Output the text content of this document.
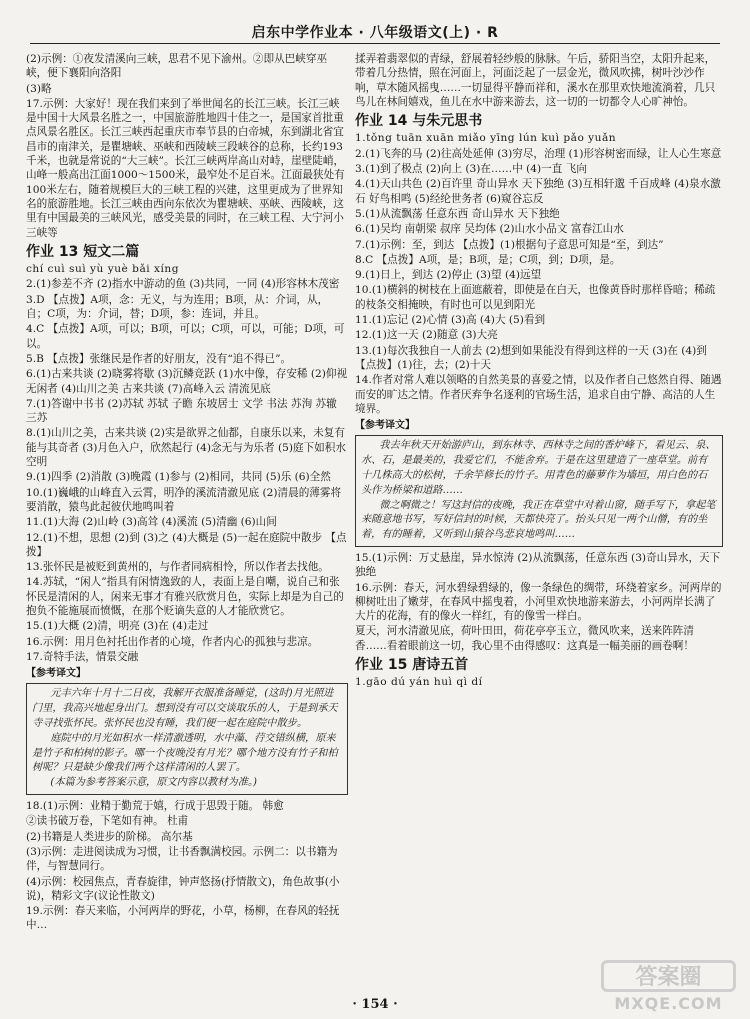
启东中学作业本 · 八年级语文(上) · R

(2)示例：①夜发清溪向三峡，思君不见下渝州。②即从巴峡穿巫峡，便下襄阳向洛阳

(3)略

17.示例：大家好！现在我们来到了举世闻名的长江三峡。长江三峡是中国十大风景名胜之一，中国旅游胜地四十佳之一，是国家首批重点风景名胜区。长江三峡西起重庆市奉节县的白帝城，东到湖北省宜昌市的南津关，是瞿塘峡、巫峡和西陵峡三段峡谷的总称，长约193千米，也就是常说的“大三峡”。长江三峡两岸高山对峙，崖壁陡峭，山峰一般高出江面1000～1500米，最窄处不足百米。江面最狭处有100米左右，随着规模巨大的三峡工程的兴建，这里更成为了世界知名的旅游胜地。长江三峡由西向东依次为瞿塘峡、巫峡、西陵峡，这里有中国最美的三峡风光，感受美景的同时，在三峡工程、大宁河小三峡等

作业 13 短文二篇

chí cuì suì yù yuè bǎi xíng

2.(1)参差不齐 (2)指水中游动的鱼 (3)共同，一同 (4)形容林木茂密

3.D 【点拨】A项，念：无义，与为连用；B项，从：介词，从，自；C项，为：介词，替；D项，参：连词，并且。

4.C 【点拨】A项，可以；B项，可以；C项，可以，可能；D项，可以。

5.B 【点拨】张继民是作者的好朋友，没有“追不得已”。

6.(1)古来共谈 (2)晓雾将歇 (3)沉鳞竞跃 (1)水中像，存安稀 (2)仰视 无闲者 (4)山川之美 古来共谈 (7)高峰入云 清流见底

7.(1)答谢中书书 (2)苏轼 苏轼 子瞻 东坡居士 文学 书法 苏洵 苏辙 三苏

8.(1)山川之美，古来共谈 (2)实是欲界之仙都，自康乐以来，未复有能与其奇者 (3)月色入户，欣然起行 (4)念无与为乐者 (5)庭下如积水空明

9.(1)四季 (2)消散 (3)晚霞 (1)参与 (2)相同，共同 (5)乐 (6)全然

10.(1)巍峨的山峰直入云霄，明净的溪流清澈见底 (2)清晨的薄雾将要消散，猿鸟此起彼伏地鸣叫着

11.(1)大海 (2)山岭 (3)高耸 (4)溪流 (5)清幽 (6)山间

12.(1)不想，思想 (2)到 (3)之 (4)大概是 (5)一起在庭院中散步 【点拨】

13.张怀民是被贬到黄州的，与作者同病相怜，所以作者去找他。

14.苏轼，“闲人”指具有闲情逸致的人，表面上是自嘲，说自己和张怀民是清闲的人，闲来无事才有雅兴欣赏月色，实际上却是为自己的抱负不能施展而愤慨，在那个贬谪失意的人才能欣赏它。

15.(1)大概 (2)清，明亮 (3)在 (4)走过

16.示例：用月色衬托出作者的心境，作者内心的孤独与悲凉。

17.奇特手法，情景交融

【参考译文】

元丰六年十月十二日夜，我解开衣服准备睡觉，(这时)月光照进门里，我高兴地起身出门。想到没有可以交谈取乐的人，于是到承天寺寻找张怀民。张怀民也没有睡，我们便一起在庭院中散步。

庭院中的月光如积水一样清澈透明，水中藻、荇交错纵横，原来是竹子和柏树的影子。哪一个夜晚没有月光？哪个地方没有竹子和柏树呢？只是缺少像我们两个这样清闲的人罢了。

(本篇为参考答案示意，原文内容以教材为准。)

18.(1)示例：业精于勤荒于嬉，行成于思毁于随。 韩愈

②读书破万卷，下笔如有神。 杜甫

(2)书籍是人类进步的阶梯。 高尔基

(3)示例：走进阅读成为习惯，让书香飘满校园。示例二：以书籍为伴，与智慧同行。

(4)示例：校园焦点，青春旋律，钟声悠扬(抒情散文)，角色故事(小说)，精彩文字(议论性散文)

19.示例：春天来临，小河两岸的野花，小草，杨柳，在春风的轻抚中…

揉弄着翡翠似的青绿，舒展着轻纱般的脉脉。午后，骄阳当空，太阳升起来，带着几分热情，照在河面上，河面泛起了一层金光，微风吹拂，树叶沙沙作响，草木随风摇曳……一切显得平静而祥和，溪水在那里欢快地流淌着，几只鸟儿在林间嬉戏，鱼儿在水中游来游去，这一切的一切都令人心旷神怡。

作业 14 与朱元思书

1.tǒng tuān xuān miǎo yīng lún kuì pǎo yuǎn

2.(1)飞奔的马 (2)往高处延伸 (3)穷尽，治理 (1)形容树密而绿，让人心生寒意

3.(1)到了极点 (2)向上 (3)在……中 (4)一直 飞向

4.(1)天山共色 (2)百许里 奇山异水 天下独绝 (3)互相轩邈 千百成峰 (4)泉水激石 好鸟相鸣 (5)经纶世务者 (6)窥谷忘反

5.(1)从流飘荡 任意东西 奇山异水 天下独绝

6.(1)吴均 南朝梁 叔庠 吴均体 (2)山水小品文 富春江山水

7.(1)示例：至，到达 【点拨】(1)根据句子意思可知是“至，到达”

8.C 【点拨】A项，是；B项，是；C项，到；D项，是。

9.(1)日上，到达 (2)停止 (3)望 (4)远望

10.(1)横斜的树枝在上面遮蔽着，即使是在白天，也像黄昏时那样昏暗；稀疏的枝条交相掩映，有时也可以见到阳光

11.(1)忘记 (2)心情 (3)高 (4)大 (5)看到

12.(1)这一天 (2)随意 (3)大亮

13.(1)每次我独自一人前去 (2)想到如果能没有得到这样的一天 (3)在 (4)到 【点拨】(1)往，去；(2)十天

14.作者对常人难以领略的自然美景的喜爱之情，以及作者自己悠然自得、随遇而安的旷达之情。作者厌弃争名逐利的官场生活，追求自由宁静、高洁的人生境界。

【参考译文】

我去年秋天开始游庐山，到东林寺、西林寺之间的香炉峰下，看见云、泉、水、石，是最美的，我爱它们，不能舍弃。于是在这里建造了一座草堂。前有十几株高大的松树，千余竿修长的竹子。用青色的藤萝作为墙垣，用白色的石头作为桥梁和道路……

微之啊微之！写这封信的夜晚，我正在草堂中对着山窗，随手写下，拿起笔来随意地书写，写好信封的时候，天都快亮了。抬头只见一两个山僧，有的坐着，有的睡着，又听到山猿谷鸟悲哀地鸣叫……

15.(1)示例：万丈悬崖，异水惊涛 (2)从流飘荡，任意东西 (3)奇山异水，天下独绝

16.示例：春天，河水碧绿碧绿的，像一条绿色的绸带，环绕着家乡。河两岸的柳树吐出了嫩芽，在春风中摇曳着，小河里欢快地游来游去，小河两岸长满了大片的花海，有的像火一样红，有的像雪一样白。

夏天，河水清澈见底，荷叶田田，荷花亭亭玉立，微风吹来，送来阵阵清香……看着眼前这一切，我心里不由得感叹：这真是一幅美丽的画卷啊！

作业 15 唐诗五首

1.gāo dú yán huì qì dí

· 154 ·
答案圈
MXQE.COM
